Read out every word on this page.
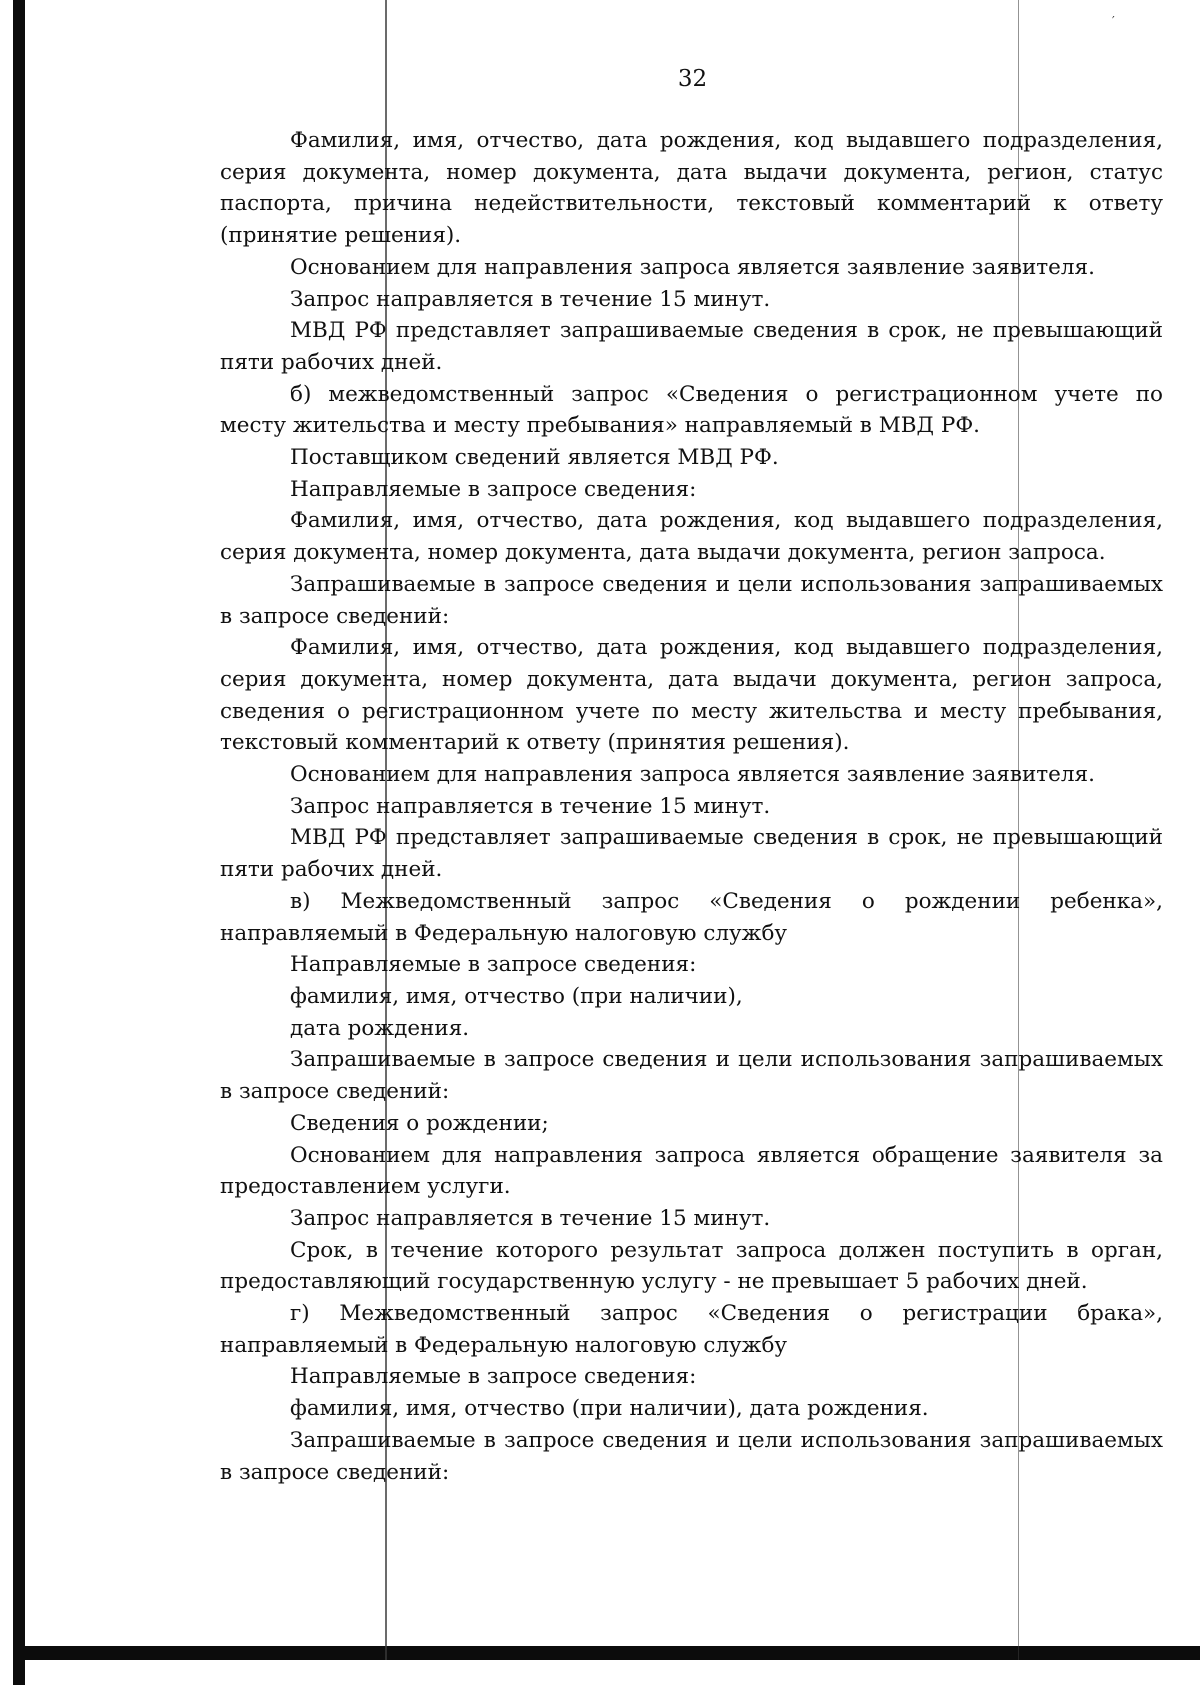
′
32

Фамилия, имя, отчество, дата рождения, код выдавшего подразделения, серия документа, номер документа, дата выдачи документа, регион, статус паспорта, причина недействительности, текстовый комментарий к ответу (принятие решения).

Основанием для направления запроса является заявление заявителя.

Запрос направляется в течение 15 минут.

МВД РФ представляет запрашиваемые сведения в срок, не превышающий пяти рабочих дней.

б) межведомственный запрос «Сведения о регистрационном учете по месту жительства и месту пребывания» направляемый в МВД РФ.

Поставщиком сведений является МВД РФ.

Направляемые в запросе сведения:

Фамилия, имя, отчество, дата рождения, код выдавшего подразделения, серия документа, номер документа, дата выдачи документа, регион запроса.

Запрашиваемые в запросе сведения и цели использования запрашиваемых в запросе сведений:

Фамилия, имя, отчество, дата рождения, код выдавшего подразделения, серия документа, номер документа, дата выдачи документа, регион запроса, сведения о регистрационном учете по месту жительства и месту пребывания, текстовый комментарий к ответу (принятия решения).

Основанием для направления запроса является заявление заявителя.

Запрос направляется в течение 15 минут.

МВД РФ представляет запрашиваемые сведения в срок, не превышающий пяти рабочих дней.

в) Межведомственный запрос «Сведения о рождении ребенка», направляемый в Федеральную налоговую службу

Направляемые в запросе сведения:

фамилия, имя, отчество (при наличии),

дата рождения.

Запрашиваемые в запросе сведения и цели использования запрашиваемых в запросе сведений:

Сведения о рождении;

Основанием для направления запроса является обращение заявителя за предоставлением услуги.

Запрос направляется в течение 15 минут.

Срок, в течение которого результат запроса должен поступить в орган, предоставляющий государственную услугу - не превышает 5 рабочих дней.

г) Межведомственный запрос «Сведения о регистрации брака», направляемый в Федеральную налоговую службу

Направляемые в запросе сведения:

фамилия, имя, отчество (при наличии), дата рождения.

Запрашиваемые в запросе сведения и цели использования запрашиваемых в запросе сведений:
